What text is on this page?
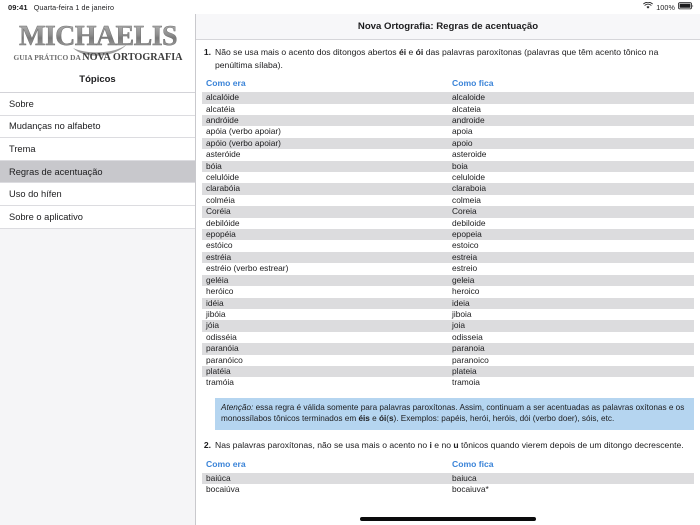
09:41 Quarta-feira 1 de janeiro	100%
MICHAELIS
GUIA PRÁTICO DA NOVA ORTOGRAFIA
Tópicos
Sobre
Mudanças no alfabeto
Trema
Regras de acentuação
Uso do hífen
Sobre o aplicativo
Nova Ortografia: Regras de acentuação
1. Não se usa mais o acento dos ditongos abertos éi e ói das palavras paroxítonas (palavras que têm acento tônico na penúltima sílaba).
Como era	Como fica
alcalóide	alcaloide
alcatéia	alcateia
andróide	androide
apóia (verbo apoiar)	apoia
apóio (verbo apoiar)	apoio
asteróide	asteroide
bóia	boia
celulóide	celuloide
clarabóia	claraboia
colméia	colmeia
Coréia	Coreia
debilóide	debiloide
epopéia	epopeia
estóico	estoico
estréia	estreia
estréio (verbo estrear)	estreio
geléia	geleia
heróico	heroico
idéia	ideia
jibóia	jiboia
jóia	joia
odisséia	odisseia
paranóia	paranoia
paranóico	paranoico
platéia	plateia
tramóia	tramoia
Atenção: essa regra é válida somente para palavras paroxítonas. Assim, continuam a ser acentuadas as palavras oxítonas e os monossílabos tônicos terminados em éis e ói(s). Exemplos: papéis, herói, heróis, dói (verbo doer), sóis, etc.
2. Nas palavras paroxítonas, não se usa mais o acento no i e no u tônicos quando vierem depois de um ditongo decrescente.
Como era	Como fica
baiúca	baiuca
bocaiúva	bocaiuva*
